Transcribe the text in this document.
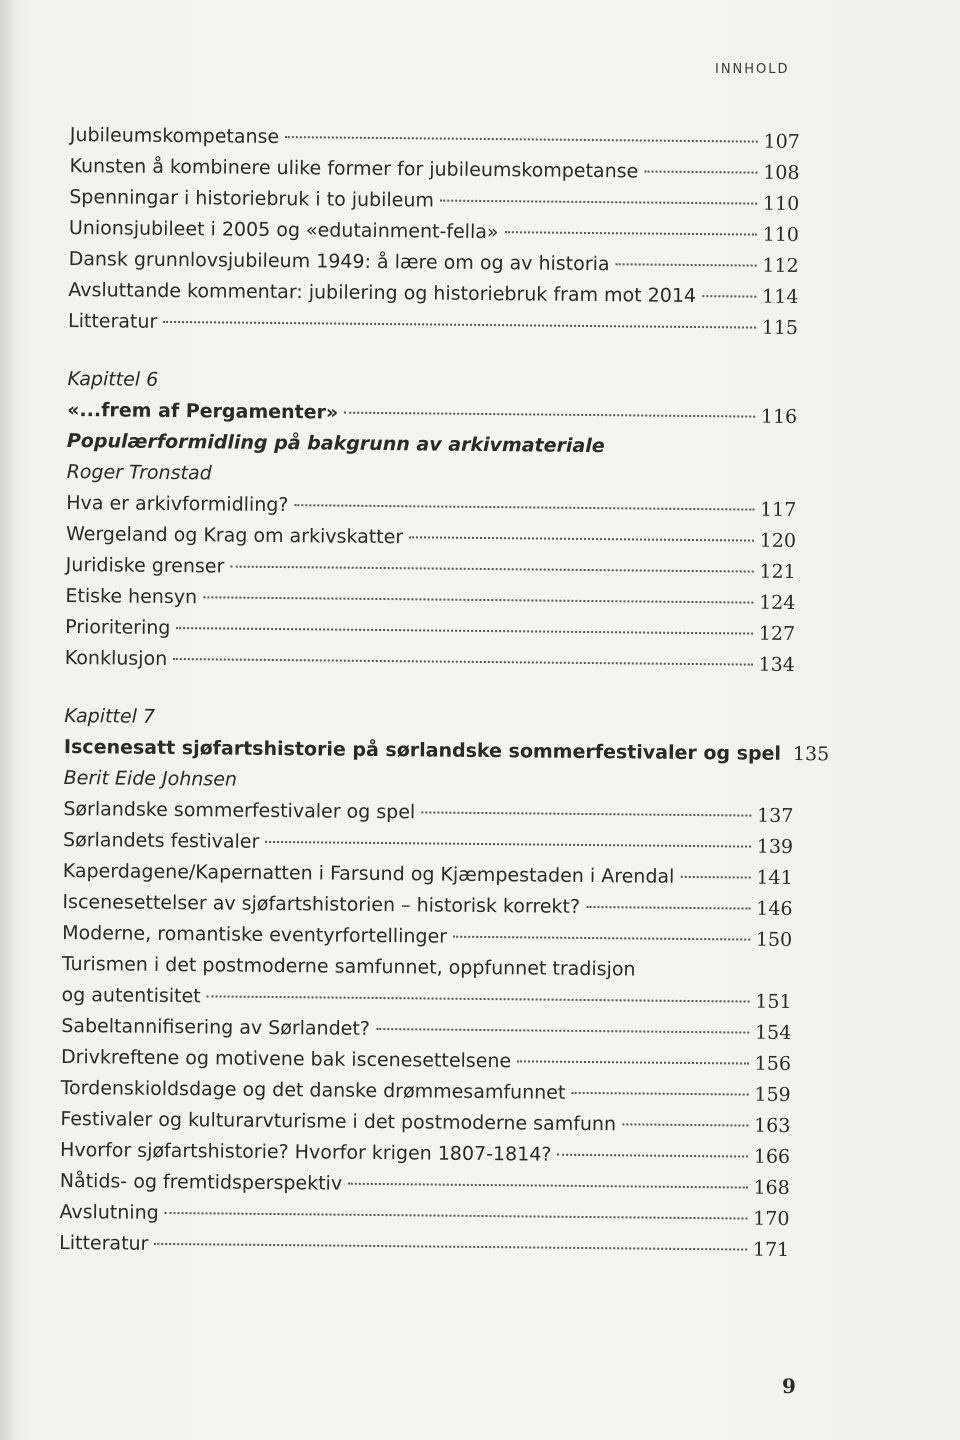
INNHOLD
Jubileumskompetanse	107
Kunsten å kombinere ulike former for jubileumskompetanse	108
Spenningar i historiebruk i to jubileum	110
Unionsjubileet i 2005 og «edutainment-fella»	110
Dansk grunnlovsjubileum 1949: å lære om og av historia	112
Avsluttande kommentar: jubilering og historiebruk fram mot 2014	114
Litteratur	115
Kapittel 6
«...frem af Pergamenter»	116
Populærformidling på bakgrunn av arkivmateriale
Roger Tronstad
Hva er arkivformidling?	117
Wergeland og Krag om arkivskatter	120
Juridiske grenser	121
Etiske hensyn	124
Prioritering	127
Konklusjon	134
Kapittel 7
Iscenesatt sjøfartshistorie på sørlandske sommerfestivaler og spel 135
Berit Eide Johnsen
Sørlandske sommerfestivaler og spel	137
Sørlandets festivaler	139
Kaperdagene/Kapernatten i Farsund og Kjæmpestaden i Arendal	141
Iscenesettelser av sjøfartshistorien – historisk korrekt?	146
Moderne, romantiske eventyrfortellinger	150
Turismen i det postmoderne samfunnet, oppfunnet tradisjon
og autentisitet	151
Sabeltannifisering av Sørlandet?	154
Drivkreftene og motivene bak iscenesettelsene	156
Tordenskioldsdage og det danske drømmesamfunnet	159
Festivaler og kulturarvturisme i det postmoderne samfunn	163
Hvorfor sjøfartshistorie? Hvorfor krigen 1807-1814?	166
Nåtids- og fremtidsperspektiv	168
Avslutning	170
Litteratur	171
9
